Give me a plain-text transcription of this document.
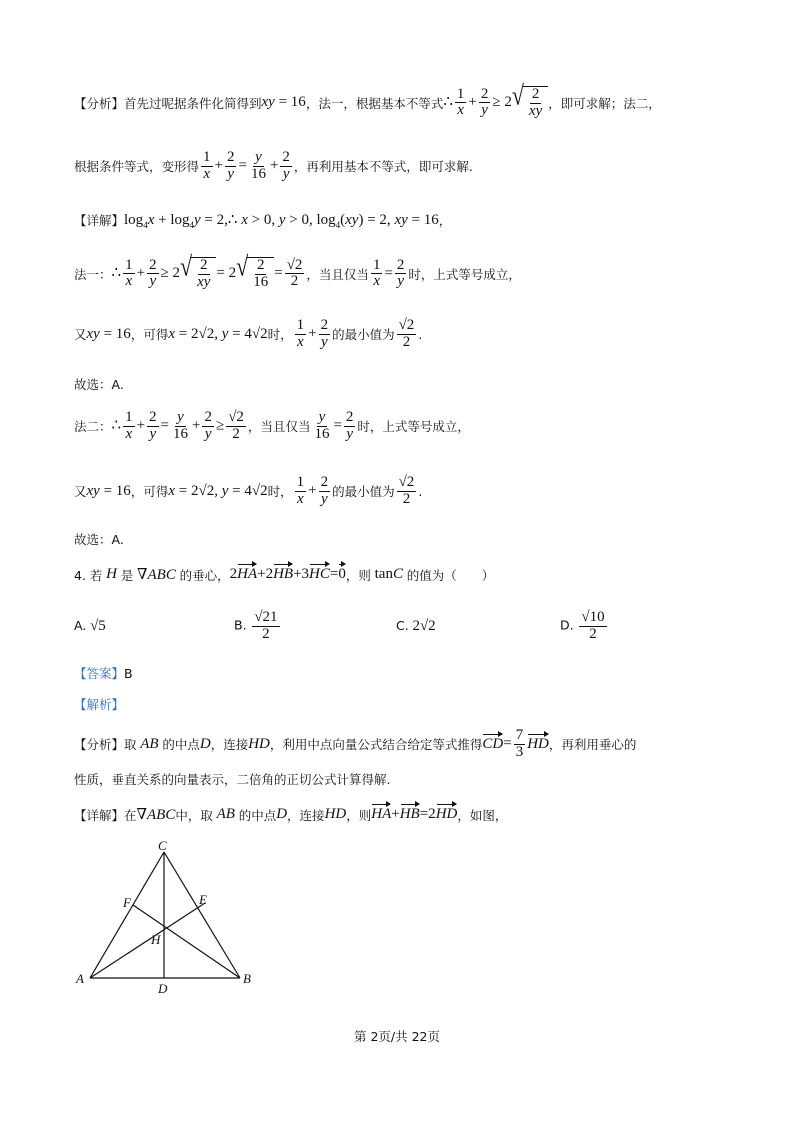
【分析】首先过呢据条件化简得到 xy = 16 ，法一，根据基本不等式 ∴ $\frac{1}{x} + \frac{2}{y} \ge 2$ √ $\frac{2}{xy}$ ，即可求解；法二，
根据条件等式，变形得 $\frac{1}{x} + \frac{2}{y} = \frac{y}{16} + \frac{2}{y}$ ，再利用基本不等式，即可求解.
【详解】 $\log_4x + \log_4y$ = 2,∴ x > 0, y > 0, $\log_4(xy) = 2$, xy = 16 ，
法一： ∴ $\frac{1}{x} + \frac{2}{y} \ge 2$ √ $\frac{2}{xy} = 2$ √ $\frac{2}{16} = \frac{√2}{2}$ ，当且仅当 $\frac{1}{x} = \frac{2}{y}$ 时，上式等号成立，
又 xy = 16 ，可得 x = 2√2, y = 4√2 时， $\frac{1}{x} + \frac{2}{y}$ 的最小值为 $\frac{√2}{2}$ .
故选：A.
法二： ∴ $\frac{1}{x} + \frac{2}{y} = \frac{y}{16} + \frac{2}{y} \ge \frac{√2}{2}$ ，当且仅当 $\frac{y}{16} = \frac{2}{y}$ 时，上式等号成立，
又 xy = 16 ，可得 x = 2√2, y = 4√2 时， $\frac{1}{x} + \frac{2}{y}$ 的最小值为 $\frac{√2}{2}$ .
故选：A.
4. 若 H 是 ∇ABC 的垂心， 2HA+2HB+3HC=0 ，则 tanC 的值为（　　）
A. √5	B. $\frac{√21}{2}$	C. 2√2	D. $\frac{√10}{2}$
【答案】 B
【解析】
【分析】取 AB 的中点 D ，连接 HD ，利用中点向量公式结合给定等式推得 $CD= \frac{7}{3}$ HD ，再利用垂心的
性质，垂直关系的向量表示，二倍角的正切公式计算得解.
【详解】在 ∇ABC 中，取 AB 的中点 D ，连接 HD ，则 HA+HB=2HD ，如图，
C
E
F
H
A	B
D
第 2页/共 22页
